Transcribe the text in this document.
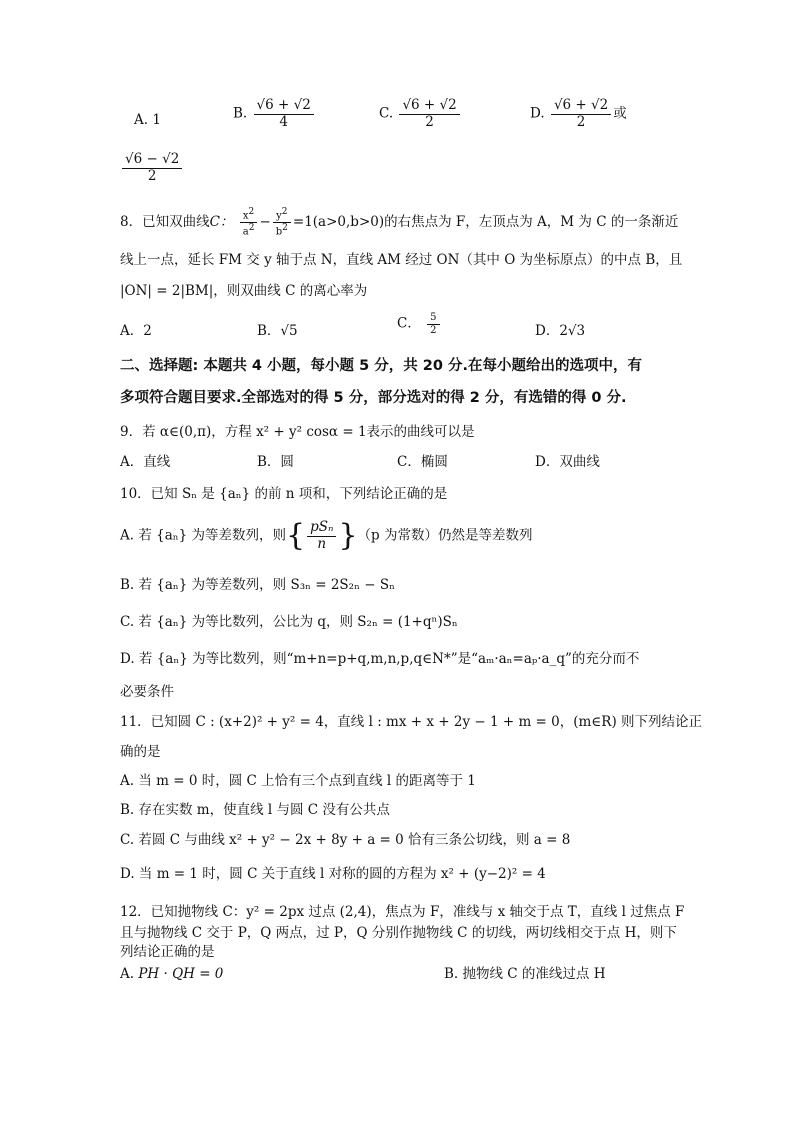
A. 1	B. $\frac{√6 + √2}{4}$	C. $\frac{√6 + √2}{2}$	D. $\frac{√6 + √2}{2}$ 或
$\frac{√6 - √2}{2}$
8．已知双曲线C： $\frac{x^2}{a^2} - \frac{y^2}{b^2} =1(a>0,b>0)$的右焦点为 F，左顶点为 A，M 为 C 的一条渐近
线上一点，延长 FM 交 y 轴于点 N，直线 AM 经过 ON（其中 O 为坐标原点）的中点 B，且
|ON| = 2|BM|，则双曲线 C 的离心率为
A．2	B．√5	C． $\frac{5}{2}$	D．2√3
二、选择题: 本题共 4 小题，每小题 5 分，共 20 分.在每小题给出的选项中，有
多项符合题目要求.全部选对的得 5 分，部分选对的得 2 分，有选错的得 0 分.
9．若 α∈(0,π)，方程 x² + y² cosα = 1表示的曲线可以是
A．直线	B．圆	C．椭圆	D．双曲线
10．已知 Sₙ 是 {aₙ} 的前 n 项和，下列结论正确的是
A. 若 {aₙ} 为等差数列，则{ $\frac{\text{pSₙ}}{n} \}(p$ 为常数）仍然是等差数列
B. 若 {aₙ} 为等差数列，则 S₃ₙ = 2S₂ₙ − Sₙ
C. 若 {aₙ} 为等比数列，公比为 q，则 S₂ₙ = (1+qⁿ)Sₙ
D. 若 {aₙ} 为等比数列，则“m+n=p+q,m,n,p,q∈N*”是“aₘ·aₙ=aₚ·a_q”的充分而不
必要条件
11．已知圆 C : (x+2)² + y² = 4，直线 l : mx + x + 2y − 1 + m = 0，(m∈R) 则下列结论正
确的是
A. 当 m = 0 时，圆 C 上恰有三个点到直线 l 的距离等于 1
B. 存在实数 m，使直线 l 与圆 C 没有公共点
C. 若圆 C 与曲线 x² + y² − 2x + 8y + a = 0 恰有三条公切线，则 a = 8
D. 当 m = 1 时，圆 C 关于直线 l 对称的圆的方程为 x² + (y−2)² = 4
12．已知抛物线 C：y² = 2px 过点 (2,4)，焦点为 F，准线与 x 轴交于点 T，直线 l 过焦点 F
且与抛物线 C 交于 P，Q 两点，过 P，Q 分别作抛物线 C 的切线，两切线相交于点 H，则下
列结论正确的是
A. PH · QH = 0	B. 抛物线 C 的准线过点 H
